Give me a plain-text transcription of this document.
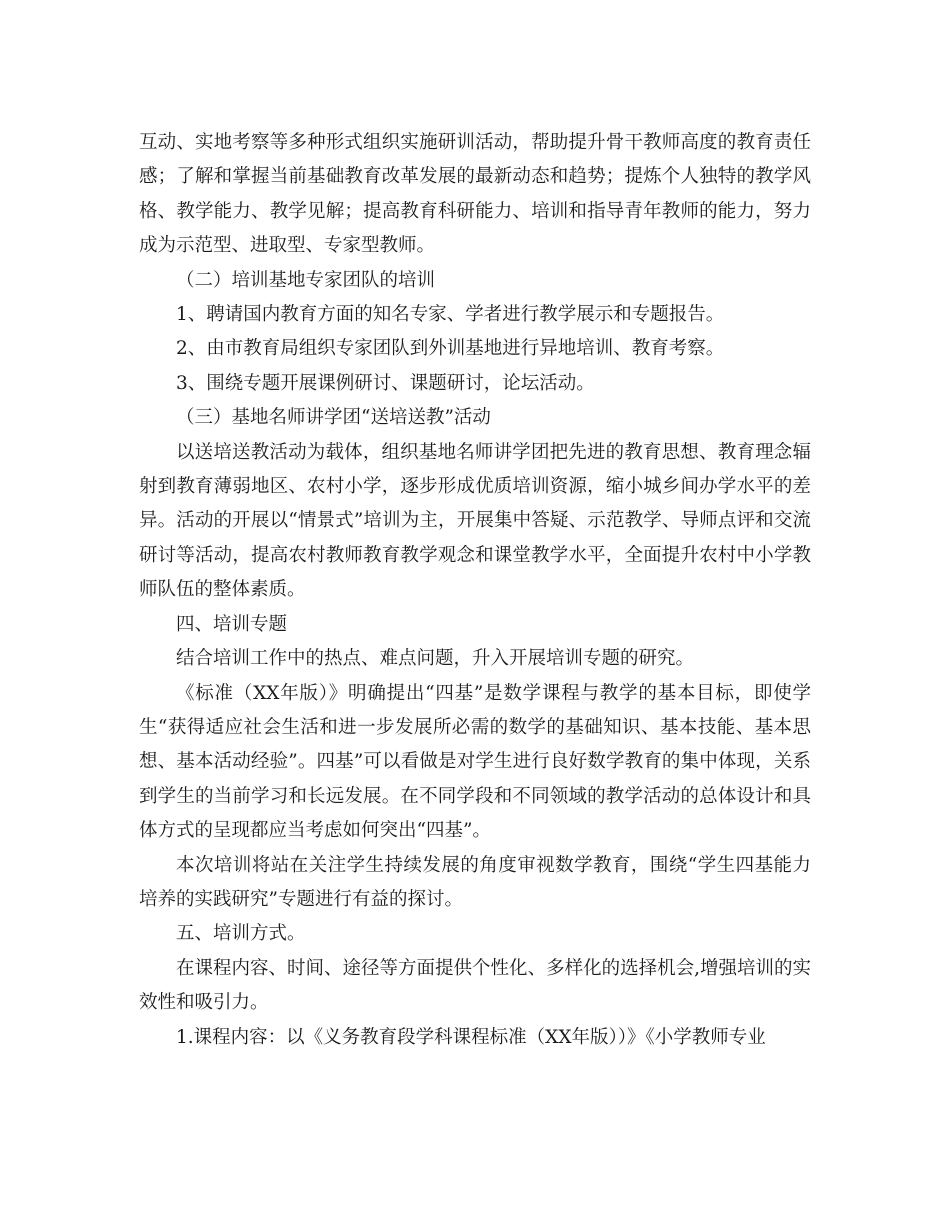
互动、实地考察等多种形式组织实施研训活动，帮助提升骨干教师高度的教育责任感；了解和掌握当前基础教育改革发展的最新动态和趋势；提炼个人独特的教学风格、教学能力、教学见解；提高教育科研能力、培训和指导青年教师的能力，努力成为示范型、进取型、专家型教师。

（二）培训基地专家团队的培训

1、聘请国内教育方面的知名专家、学者进行教学展示和专题报告。

2、由市教育局组织专家团队到外训基地进行异地培训、教育考察。

3、围绕专题开展课例研讨、课题研讨，论坛活动。

（三）基地名师讲学团“送培送教”活动

以送培送教活动为载体，组织基地名师讲学团把先进的教育思想、教育理念辐射到教育薄弱地区、农村小学，逐步形成优质培训资源，缩小城乡间办学水平的差异。活动的开展以“情景式”培训为主，开展集中答疑、示范教学、导师点评和交流研讨等活动，提高农村教师教育教学观念和课堂教学水平，全面提升农村中小学教师队伍的整体素质。

四、培训专题

结合培训工作中的热点、难点问题，升入开展培训专题的研究。

《标准（XX年版）》明确提出“四基”是数学课程与教学的基本目标，即使学生“获得适应社会生活和进一步发展所必需的数学的基础知识、基本技能、基本思想、基本活动经验”。四基”可以看做是对学生进行良好数学教育的集中体现，关系到学生的当前学习和长远发展。在不同学段和不同领域的教学活动的总体设计和具体方式的呈现都应当考虑如何突出“四基”。

本次培训将站在关注学生持续发展的角度审视数学教育，围绕“学生四基能力培养的实践研究”专题进行有益的探讨。

五、培训方式。

在课程内容、时间、途径等方面提供个性化、多样化的选择机会,增强培训的实效性和吸引力。

1.课程内容：以《义务教育段学科课程标准（XX年版））》《小学教师专业
